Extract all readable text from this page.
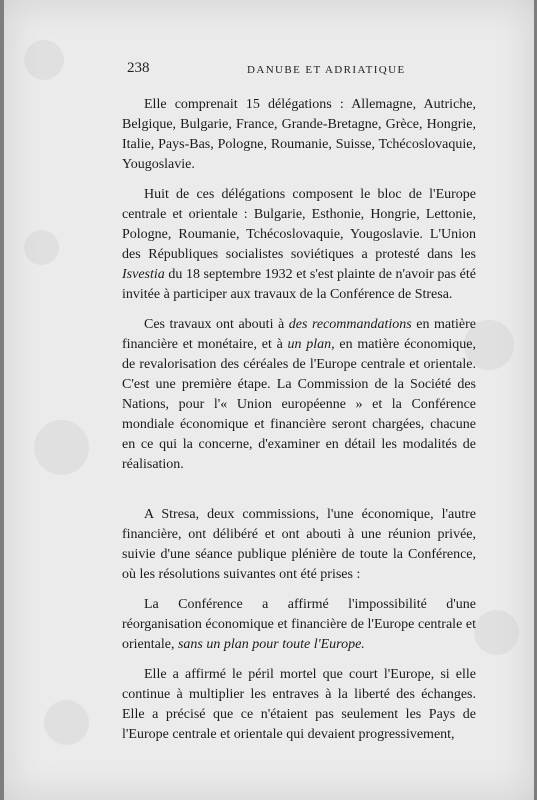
238	DANUBE ET ADRIATIQUE

Elle comprenait 15 délégations : Allemagne, Autriche, Belgique, Bulgarie, France, Grande-Bretagne, Grèce, Hongrie, Italie, Pays-Bas, Pologne, Roumanie, Suisse, Tchécoslovaquie, Yougoslavie.

Huit de ces délégations composent le bloc de l'Europe centrale et orientale : Bulgarie, Esthonie, Hongrie, Lettonie, Pologne, Roumanie, Tchécoslovaquie, Yougoslavie. L'Union des Républiques socialistes soviétiques a protesté dans les Isvestia du 18 septembre 1932 et s'est plainte de n'avoir pas été invitée à participer aux travaux de la Conférence de Stresa.

Ces travaux ont abouti à des recommandations en matière financière et monétaire, et à un plan, en matière économique, de revalorisation des céréales de l'Europe centrale et orientale. C'est une première étape. La Commission de la Société des Nations, pour l'« Union européenne » et la Conférence mondiale économique et financière seront chargées, chacune en ce qui la concerne, d'examiner en détail les modalités de réalisation.

A Stresa, deux commissions, l'une économique, l'autre financière, ont délibéré et ont abouti à une réunion privée, suivie d'une séance publique plénière de toute la Conférence, où les résolutions suivantes ont été prises :

La Conférence a affirmé l'impossibilité d'une réorganisation économique et financière de l'Europe centrale et orientale, sans un plan pour toute l'Europe.

Elle a affirmé le péril mortel que court l'Europe, si elle continue à multiplier les entraves à la liberté des échanges. Elle a précisé que ce n'étaient pas seulement les Pays de l'Europe centrale et orientale qui devaient progressivement,
